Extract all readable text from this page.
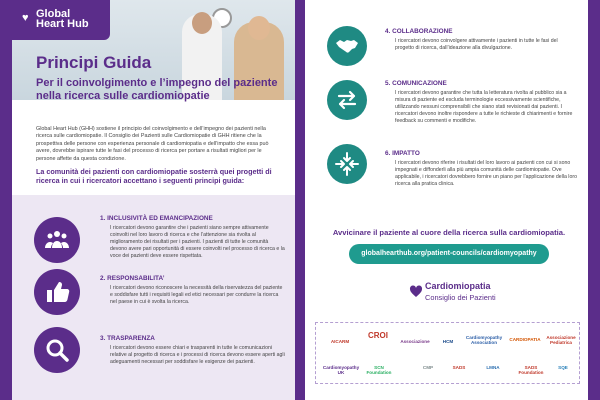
♥ Global
Heart Hub
Principi Guida
Per il coinvolgimento e l’impegno del paziente nella ricerca sulle cardiomiopatie
Global Heart Hub (GHH) sostiene il principio del coinvolgimento e dell’impegno dei pazienti nella ricerca sulle cardiomiopatie. Il Consiglio dei Pazienti sulle Cardiomiopatie di GHH ritiene che la prospettiva delle persone con esperienza personale di cardiomiopatia e dell’impatto che essa può avere, dovrebbe ispirare tutte le fasi del processo di ricerca per portare a risultati migliori per le persone affette da questa condizione.
La comunità dei pazienti con cardiomiopatie sosterrà quei progetti di ricerca in cui i ricercatori accettano i seguenti principi guida:
1. INCLUSIVITÀ ED EMANCIPAZIONE
I ricercatori devono garantire che i pazienti siano sempre attivamente coinvolti nel loro lavoro di ricerca e che l’attenzione sia rivolta al miglioramento dei risultati per i pazienti. I pazienti di tutte le comunità devono avere pari opportunità di essere coinvolti nel processo di ricerca e la voce dei pazienti deve essere rispettata.
2. RESPONSABILITA’
I ricercatori devono riconoscere la necessità della riservatezza del paziente e soddisfare tutti i requisiti legali ed etici necessari per condurre la ricerca nel paese in cui è svolta la ricerca.
3. TRASPARENZA
I ricercatori devono essere chiari e trasparenti in tutte le comunicazioni relative al progetto di ricerca e i processi di ricerca devono essere aperti agli adeguamenti necessari per soddisfare le esigenze dei pazienti.
4. COLLABORAZIONE
I ricercatori devono coinvolgere attivamente i pazienti in tutte le fasi del progetto di ricerca, dall’ideazione alla divulgazione.
5. COMUNICAZIONE
I ricercatori devono garantire che tutta la letteratura rivolta al pubblico sia a misura di paziente ed escluda terminologie eccessivamente scientifiche, utilizzando nessuni comprensibili che siano stati revisionati dai pazienti. I ricercatori devono inoltre rispondere a tutte le richieste di chiarimenti e fornire feedback su commenti e modifiche.
6. IMPATTO
I ricercatori devono riferire i risultati del loro lavoro ai pazienti con cui si sono impegnati e diffonderli alla più ampia comunità delle cardiomiopatie. Ove applicabile, i ricercatori dovrebbero fornire un piano per l’applicazione della loro ricerca alla pratica clinica.
Avvicinare il paziente al cuore della ricerca sulla cardiomiopatia.
globalhearthub.org/patient-councils/cardiomyopathy
Cardiomiopatia
Consiglio dei Pazienti
AICARM
CROI
Associazione	HCM
Cardiomyopathy Association
CARDIOPATIA	Associazione Pediatrica
Cardiomyopathy UK
SCN Foundation
CMP	SADS	LMNA	SADS Foundation
SQE
